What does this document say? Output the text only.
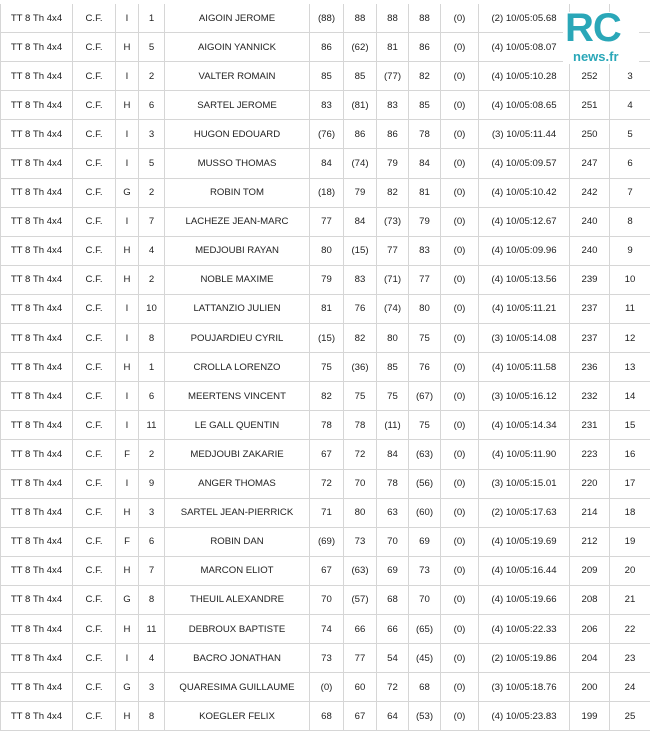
TT 8 Th 4x4	C.F.	I	1	AIGOIN JEROME	(88)	88	88	88	(0)	(2) 10/05:05.68		
TT 8 Th 4x4	C.F.	H	5	AIGOIN YANNICK	86	(62)	81	86	(0)	(4) 10/05:08.07		
TT 8 Th 4x4	C.F.	I	2	VALTER ROMAIN	85	85	(77)	82	(0)	(4) 10/05:10.28	252	3
TT 8 Th 4x4	C.F.	H	6	SARTEL JEROME	83	(81)	83	85	(0)	(4) 10/05:08.65	251	4
TT 8 Th 4x4	C.F.	I	3	HUGON EDOUARD	(76)	86	86	78	(0)	(3) 10/05:11.44	250	5
TT 8 Th 4x4	C.F.	I	5	MUSSO THOMAS	84	(74)	79	84	(0)	(4) 10/05:09.57	247	6
TT 8 Th 4x4	C.F.	G	2	ROBIN TOM	(18)	79	82	81	(0)	(4) 10/05:10.42	242	7
TT 8 Th 4x4	C.F.	I	7	LACHEZE JEAN-MARC	77	84	(73)	79	(0)	(4) 10/05:12.67	240	8
TT 8 Th 4x4	C.F.	H	4	MEDJOUBI RAYAN	80	(15)	77	83	(0)	(4) 10/05:09.96	240	9
TT 8 Th 4x4	C.F.	H	2	NOBLE MAXIME	79	83	(71)	77	(0)	(4) 10/05:13.56	239	10
TT 8 Th 4x4	C.F.	I	10	LATTANZIO JULIEN	81	76	(74)	80	(0)	(4) 10/05:11.21	237	11
TT 8 Th 4x4	C.F.	I	8	POUJARDIEU CYRIL	(15)	82	80	75	(0)	(3) 10/05:14.08	237	12
TT 8 Th 4x4	C.F.	H	1	CROLLA LORENZO	75	(36)	85	76	(0)	(4) 10/05:11.58	236	13
TT 8 Th 4x4	C.F.	I	6	MEERTENS VINCENT	82	75	75	(67)	(0)	(3) 10/05:16.12	232	14
TT 8 Th 4x4	C.F.	I	11	LE GALL QUENTIN	78	78	(11)	75	(0)	(4) 10/05:14.34	231	15
TT 8 Th 4x4	C.F.	F	2	MEDJOUBI ZAKARIE	67	72	84	(63)	(0)	(4) 10/05:11.90	223	16
TT 8 Th 4x4	C.F.	I	9	ANGER THOMAS	72	70	78	(56)	(0)	(3) 10/05:15.01	220	17
TT 8 Th 4x4	C.F.	H	3	SARTEL JEAN-PIERRICK	71	80	63	(60)	(0)	(2) 10/05:17.63	214	18
TT 8 Th 4x4	C.F.	F	6	ROBIN DAN	(69)	73	70	69	(0)	(4) 10/05:19.69	212	19
TT 8 Th 4x4	C.F.	H	7	MARCON ELIOT	67	(63)	69	73	(0)	(4) 10/05:16.44	209	20
TT 8 Th 4x4	C.F.	G	8	THEUIL ALEXANDRE	70	(57)	68	70	(0)	(4) 10/05:19.66	208	21
TT 8 Th 4x4	C.F.	H	11	DEBROUX BAPTISTE	74	66	66	(65)	(0)	(4) 10/05:22.33	206	22
TT 8 Th 4x4	C.F.	I	4	BACRO JONATHAN	73	77	54	(45)	(0)	(2) 10/05:19.86	204	23
TT 8 Th 4x4	C.F.	G	3	QUARESIMA GUILLAUME	(0)	60	72	68	(0)	(3) 10/05:18.76	200	24
TT 8 Th 4x4	C.F.	H	8	KOEGLER FELIX	68	67	64	(53)	(0)	(4) 10/05:23.83	199	25
RC
news.fr
